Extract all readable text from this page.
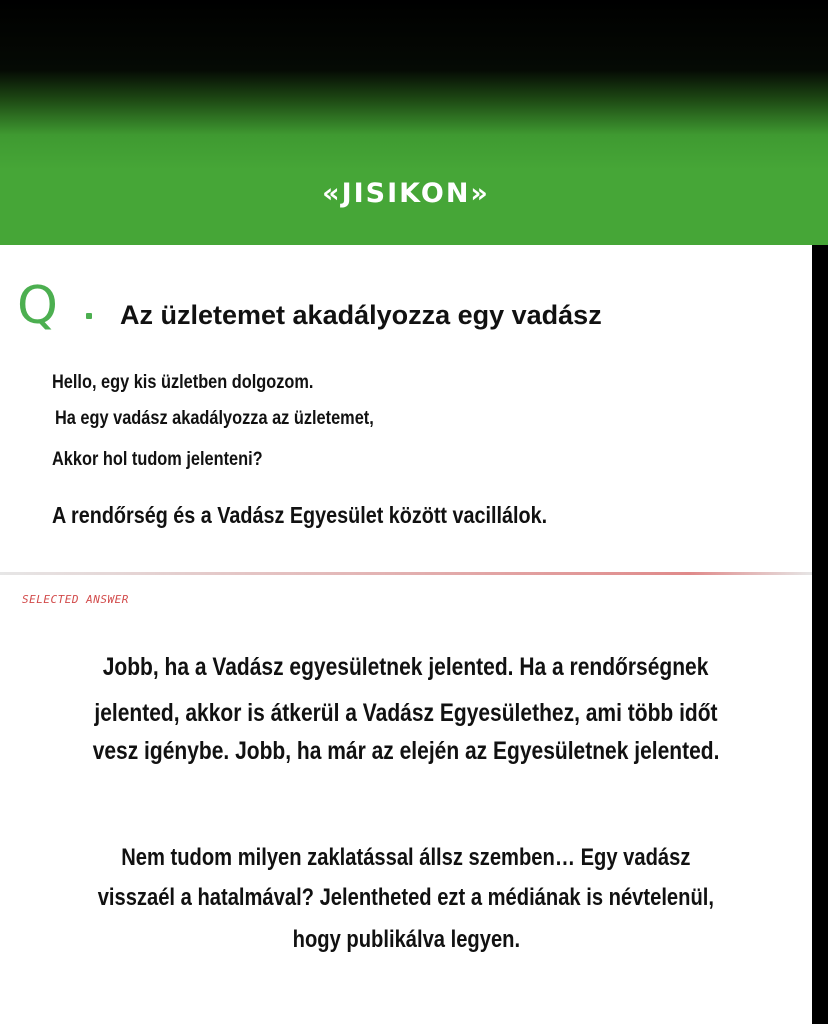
«JISIKON»
Q Az üzletemet akadályozza egy vadász
Hello, egy kis üzletben dolgozom.
Ha egy vadász akadályozza az üzletemet,
Akkor hol tudom jelenteni?
A rendőrség és a Vadász Egyesület között vacillálok.
SELECTED ANSWER
Jobb, ha a Vadász egyesületnek jelented. Ha a rendőrségnek
jelented, akkor is átkerül a Vadász Egyesülethez, ami több időt
vesz igénybe. Jobb, ha már az elején az Egyesületnek jelented.
Nem tudom milyen zaklatással állsz szemben… Egy vadász
visszaél a hatalmával? Jelentheted ezt a médiának is névtelenül,
hogy publikálva legyen.
